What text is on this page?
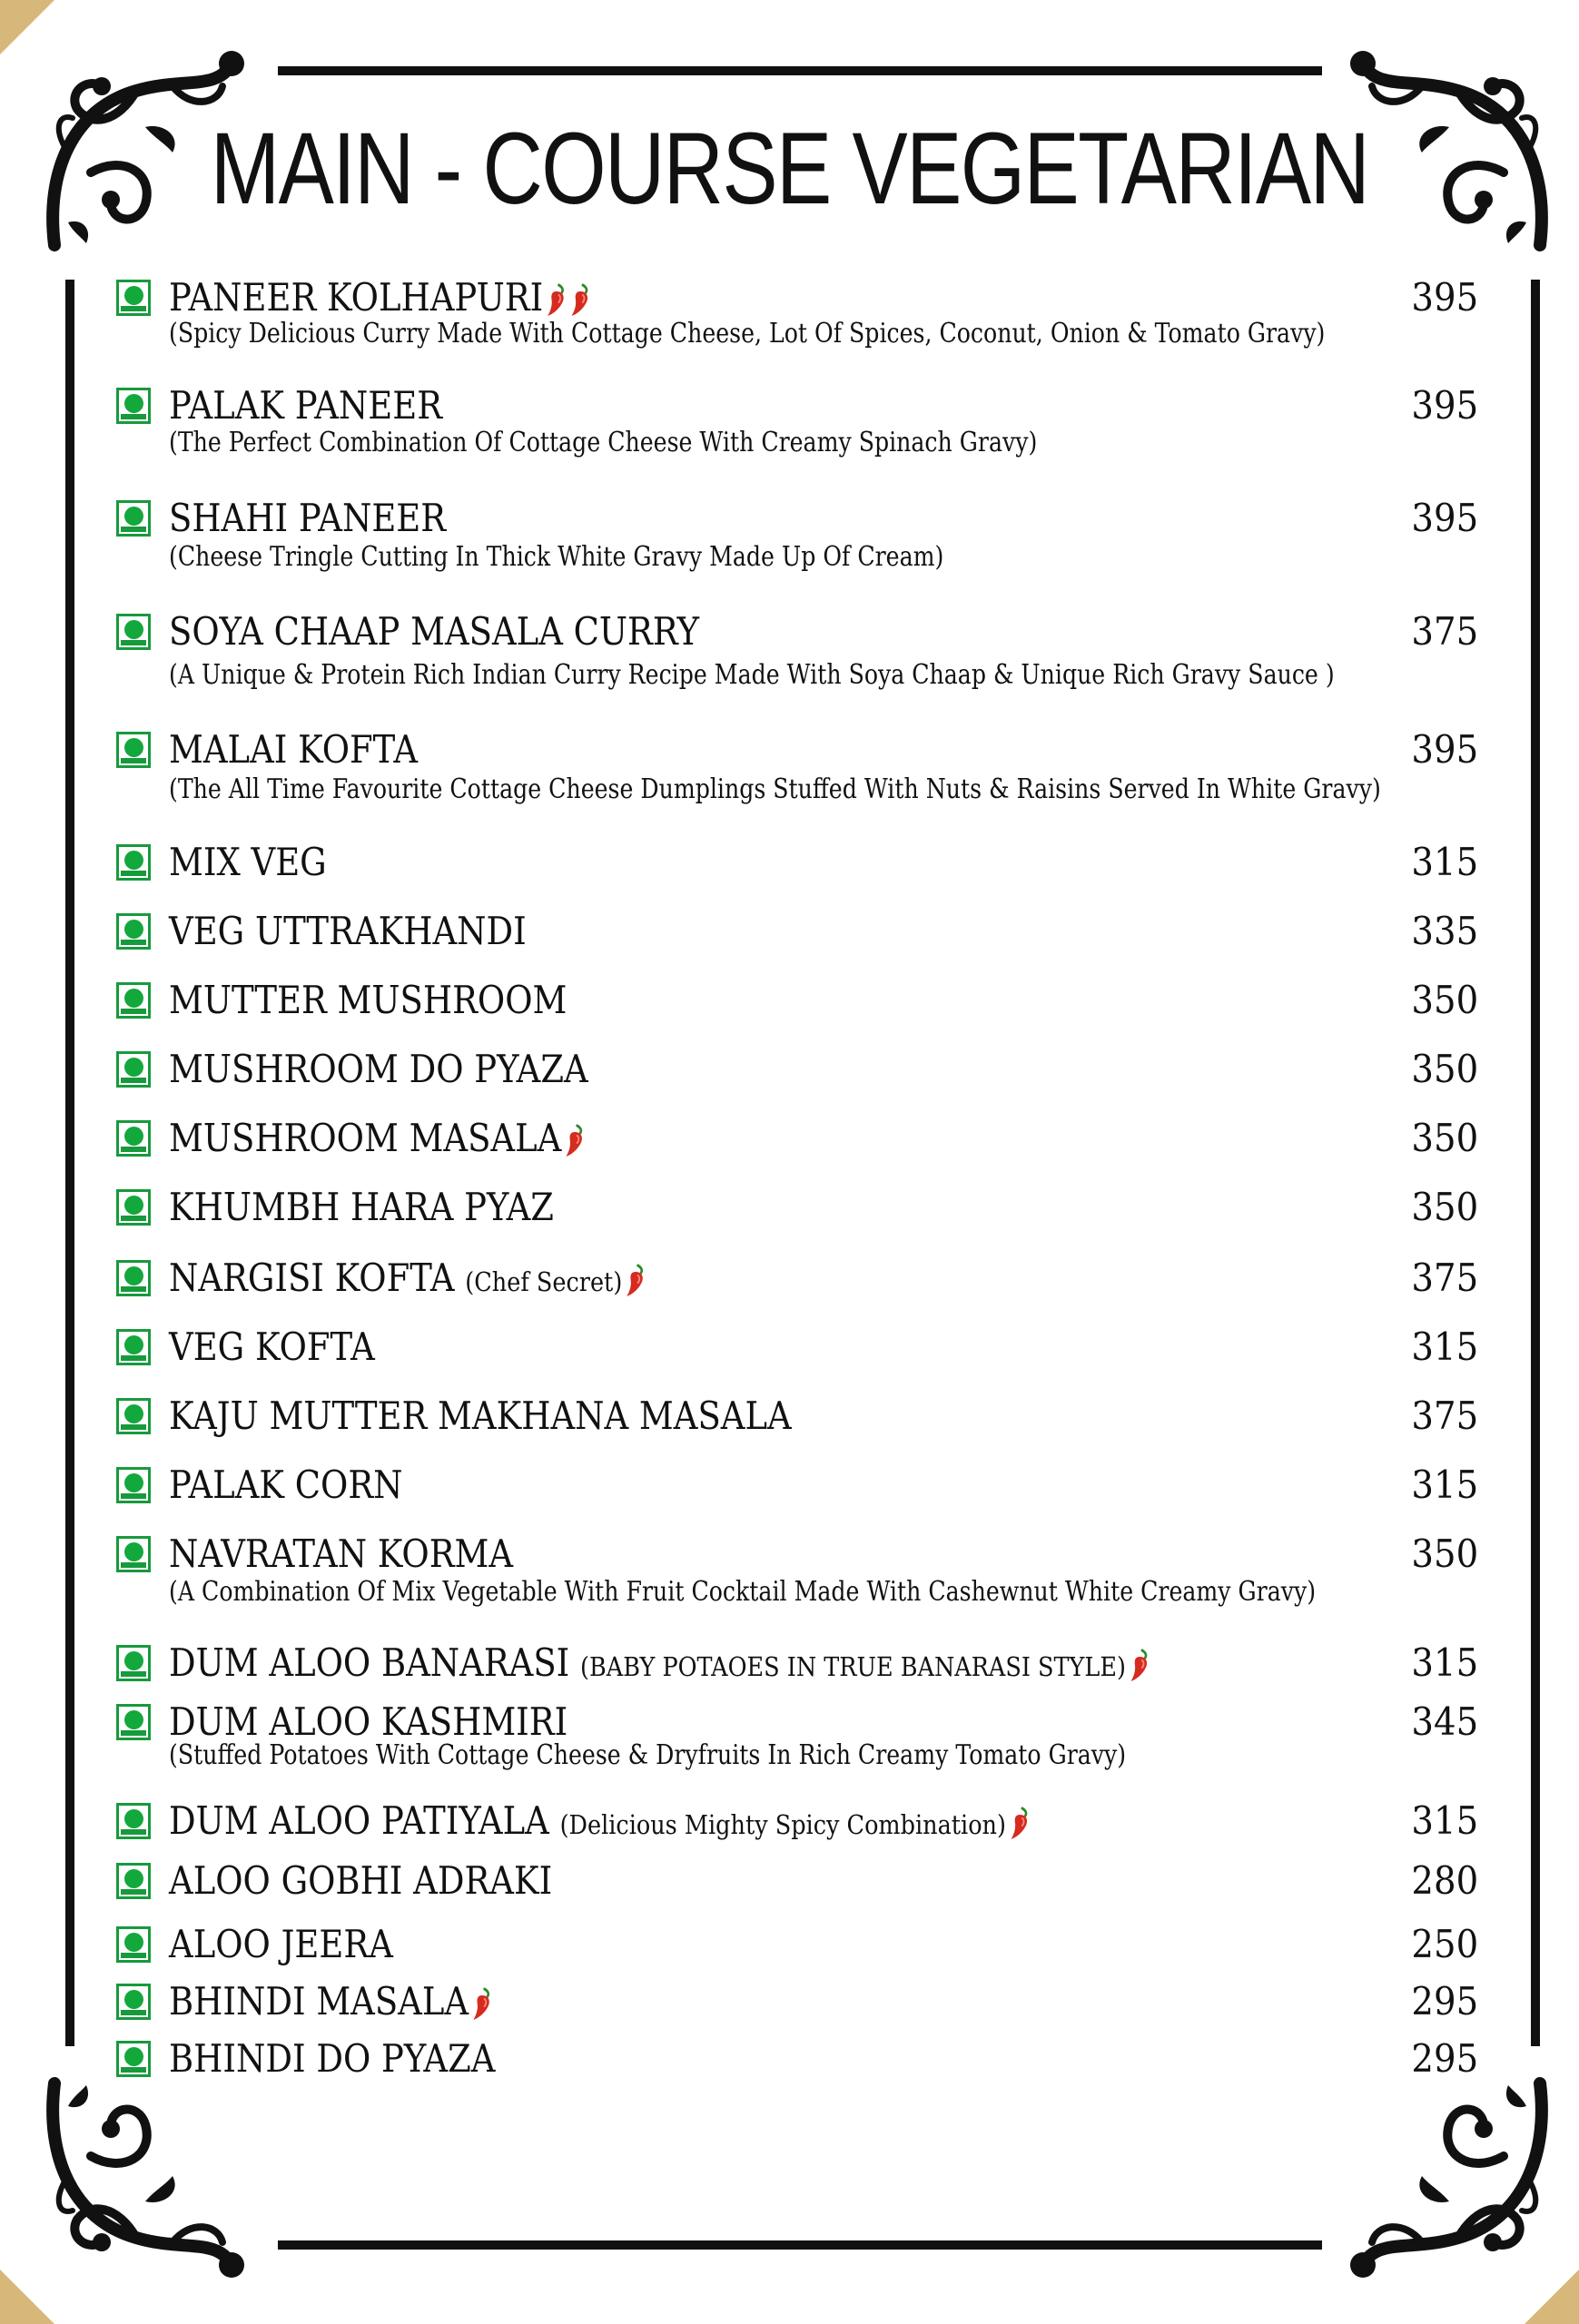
MAIN - COURSE VEGETARIAN
PANEER KOLHAPURI	395
(Spicy Delicious Curry Made With Cottage Cheese, Lot Of Spices, Coconut, Onion & Tomato Gravy)
PALAK PANEER	395
(The Perfect Combination Of Cottage Cheese With Creamy Spinach Gravy)
SHAHI PANEER	395
(Cheese Tringle Cutting In Thick White Gravy Made Up Of Cream)
SOYA CHAAP MASALA CURRY	375
(A Unique & Protein Rich Indian Curry Recipe Made With Soya Chaap & Unique Rich Gravy Sauce )
MALAI KOFTA	395
(The All Time Favourite Cottage Cheese Dumplings Stuffed With Nuts & Raisins Served In White Gravy)
MIX VEG	315
VEG UTTRAKHANDI	335
MUTTER MUSHROOM	350
MUSHROOM DO PYAZA	350
MUSHROOM MASALA	350
KHUMBH HARA PYAZ	350
NARGISI KOFTA (Chef Secret)	375
VEG KOFTA	315
KAJU MUTTER MAKHANA MASALA	375
PALAK CORN	315
NAVRATAN KORMA	350
(A Combination Of Mix Vegetable With Fruit Cocktail Made With Cashewnut White Creamy Gravy)
DUM ALOO BANARASI (BABY POTAOES IN TRUE BANARASI STYLE)	315
DUM ALOO KASHMIRI	345
(Stuffed Potatoes With Cottage Cheese & Dryfruits In Rich Creamy Tomato Gravy)
DUM ALOO PATIYALA (Delicious Mighty Spicy Combination)	315
ALOO GOBHI ADRAKI	280
ALOO JEERA	250
BHINDI MASALA	295
BHINDI DO PYAZA	295
